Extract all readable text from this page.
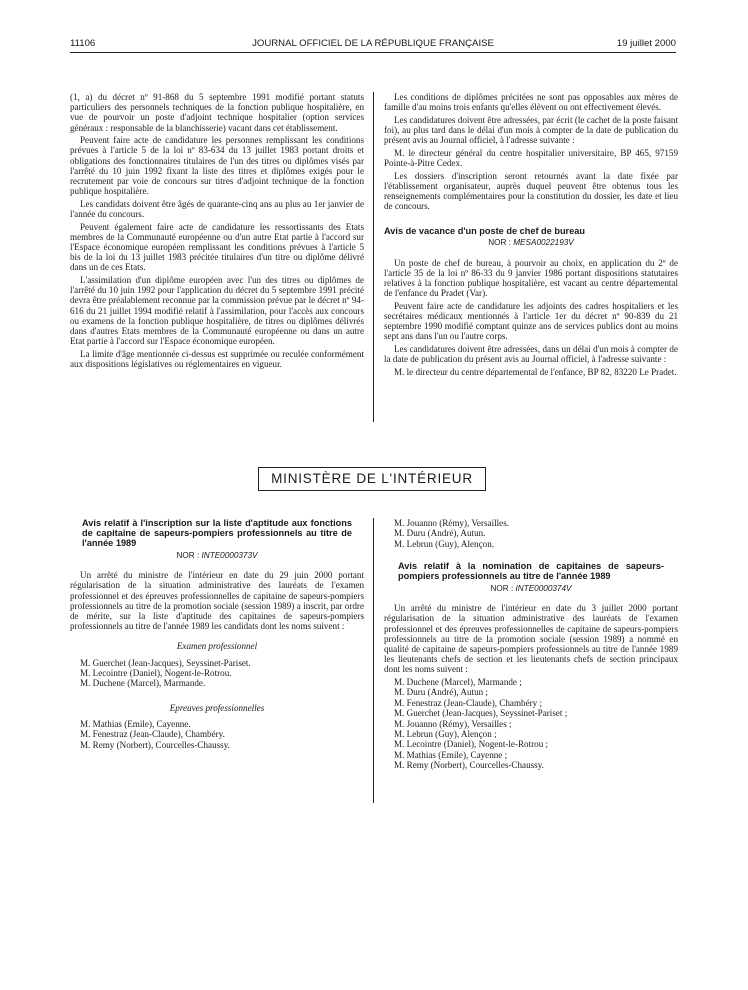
11106	JOURNAL OFFICIEL DE LA RÉPUBLIQUE FRANÇAISE	19 juillet 2000

(1, a) du décret nº 91-868 du 5 septembre 1991 modifié portant statuts particuliers des personnels techniques de la fonction publique hospitalière, en vue de pourvoir un poste d'adjoint technique hospitalier (option services généraux : responsable de la blanchisserie) vacant dans cet établissement.

Peuvent faire acte de candidature les personnes remplissant les conditions prévues à l'article 5 de la loi nº 83-634 du 13 juillet 1983 portant droits et obligations des fonctionnaires titulaires de l'un des titres ou diplômes visés par l'arrêté du 10 juin 1992 fixant la liste des titres et diplômes exigés pour le recrutement par voie de concours sur titres d'adjoint technique de la fonction publique hospitalière.

Les candidats doivent être âgés de quarante-cinq ans au plus au 1er janvier de l'année du concours.

Peuvent également faire acte de candidature les ressortissants des Etats membres de la Communauté européenne ou d'un autre Etat partie à l'accord sur l'Espace économique européen remplissant les conditions prévues à l'article 5 bis de la loi du 13 juillet 1983 précitée titulaires d'un titre ou diplôme délivré dans un de ces Etats.

L'assimilation d'un diplôme européen avec l'un des titres ou diplômes de l'arrêté du 10 juin 1992 pour l'application du décret du 5 septembre 1991 précité devra être préalablement reconnue par la commission prévue par le décret nº 94-616 du 21 juillet 1994 modifié relatif à l'assimilation, pour l'accès aux concours ou examens de la fonction publique hospitalière, de titres ou diplômes délivrés dans d'autres Etats membres de la Communauté européenne ou dans un autre Etat partie à l'accord sur l'Espace économique européen.

La limite d'âge mentionnée ci-dessus est supprimée ou reculée conformément aux dispositions législatives ou réglementaires en vigueur.

Les conditions de diplômes précitées ne sont pas opposables aux mères de famille d'au moins trois enfants qu'elles élèvent ou ont effectivement élevés.

Les candidatures doivent être adressées, par écrit (le cachet de la poste faisant foi), au plus tard dans le délai d'un mois à compter de la date de publication du présent avis au Journal officiel, à l'adresse suivante :

M. le directeur général du centre hospitalier universitaire, BP 465, 97159 Pointe-à-Pitre Cedex.

Les dossiers d'inscription seront retournés avant la date fixée par l'établissement organisateur, auprès duquel peuvent être obtenus tous les renseignements complémentaires pour la constitution du dossier, les date et lieu de concours.

Avis de vacance d'un poste de chef de bureau

NOR : MESA0022193V

Un poste de chef de bureau, à pourvoir au choix, en application du 2º de l'article 35 de la loi nº 86-33 du 9 janvier 1986 portant dispositions statutaires relatives à la fonction publique hospitalière, est vacant au centre départemental de l'enfance du Pradet (Var).

Peuvent faire acte de candidature les adjoints des cadres hospitaliers et les secrétaires médicaux mentionnés à l'article 1er du décret nº 90-839 du 21 septembre 1990 modifié comptant quinze ans de services publics dont au moins sept ans dans l'un ou l'autre corps.

Les candidatures doivent être adressées, dans un délai d'un mois à compter de la date de publication du présent avis au Journal officiel, à l'adresse suivante :

M. le directeur du centre départemental de l'enfance, BP 82, 83220 Le Pradet.

MINISTÈRE DE L'INTÉRIEUR

Avis relatif à l'inscription sur la liste d'aptitude aux fonctions de capitaine de sapeurs-pompiers professionnels au titre de l'année 1989

NOR : INTE0000373V

Un arrêté du ministre de l'intérieur en date du 29 juin 2000 portant régularisation de la situation administrative des lauréats de l'examen professionnel et des épreuves professionnelles de capitaine de sapeurs-pompiers professionnels au titre de la promotion sociale (session 1989) a inscrit, par ordre de mérite, sur la liste d'aptitude des capitaines de sapeurs-pompiers professionnels au titre de l'année 1989 les candidats dont les noms suivent :

Examen professionnel
M. Guerchet (Jean-Jacques), Seyssinet-Pariset.
M. Lecointre (Daniel), Nogent-le-Rotrou.
M. Duchene (Marcel), Marmande.
Epreuves professionnelles
M. Mathias (Emile), Cayenne.
M. Fenestraz (Jean-Claude), Chambéry.
M. Remy (Norbert), Courcelles-Chaussy.
M. Jouanno (Rémy), Versailles.
M. Duru (André), Autun.
M. Lebrun (Guy), Alençon.

Avis relatif à la nomination de capitaines de sapeurs-pompiers professionnels au titre de l'année 1989

NOR : INTE0000374V

Un arrêté du ministre de l'intérieur en date du 3 juillet 2000 portant régularisation de la situation administrative des lauréats de l'examen professionnel et des épreuves professionnelles de capitaine de sapeurs-pompiers professionnels au titre de la promotion sociale (session 1989) a nommé en qualité de capitaine de sapeurs-pompiers professionnels au titre de l'année 1989 les lieutenants chefs de section et les lieutenants chefs de section principaux dont les noms suivent :

M. Duchene (Marcel), Marmande ;
M. Duru (André), Autun ;
M. Fenestraz (Jean-Claude), Chambéry ;
M. Guerchet (Jean-Jacques), Seyssinet-Pariset ;
M. Jouanno (Rémy), Versailles ;
M. Lebrun (Guy), Alençon ;
M. Lecointre (Daniel), Nogent-le-Rotrou ;
M. Mathias (Emile), Cayenne ;
M. Remy (Norbert), Courcelles-Chaussy.
